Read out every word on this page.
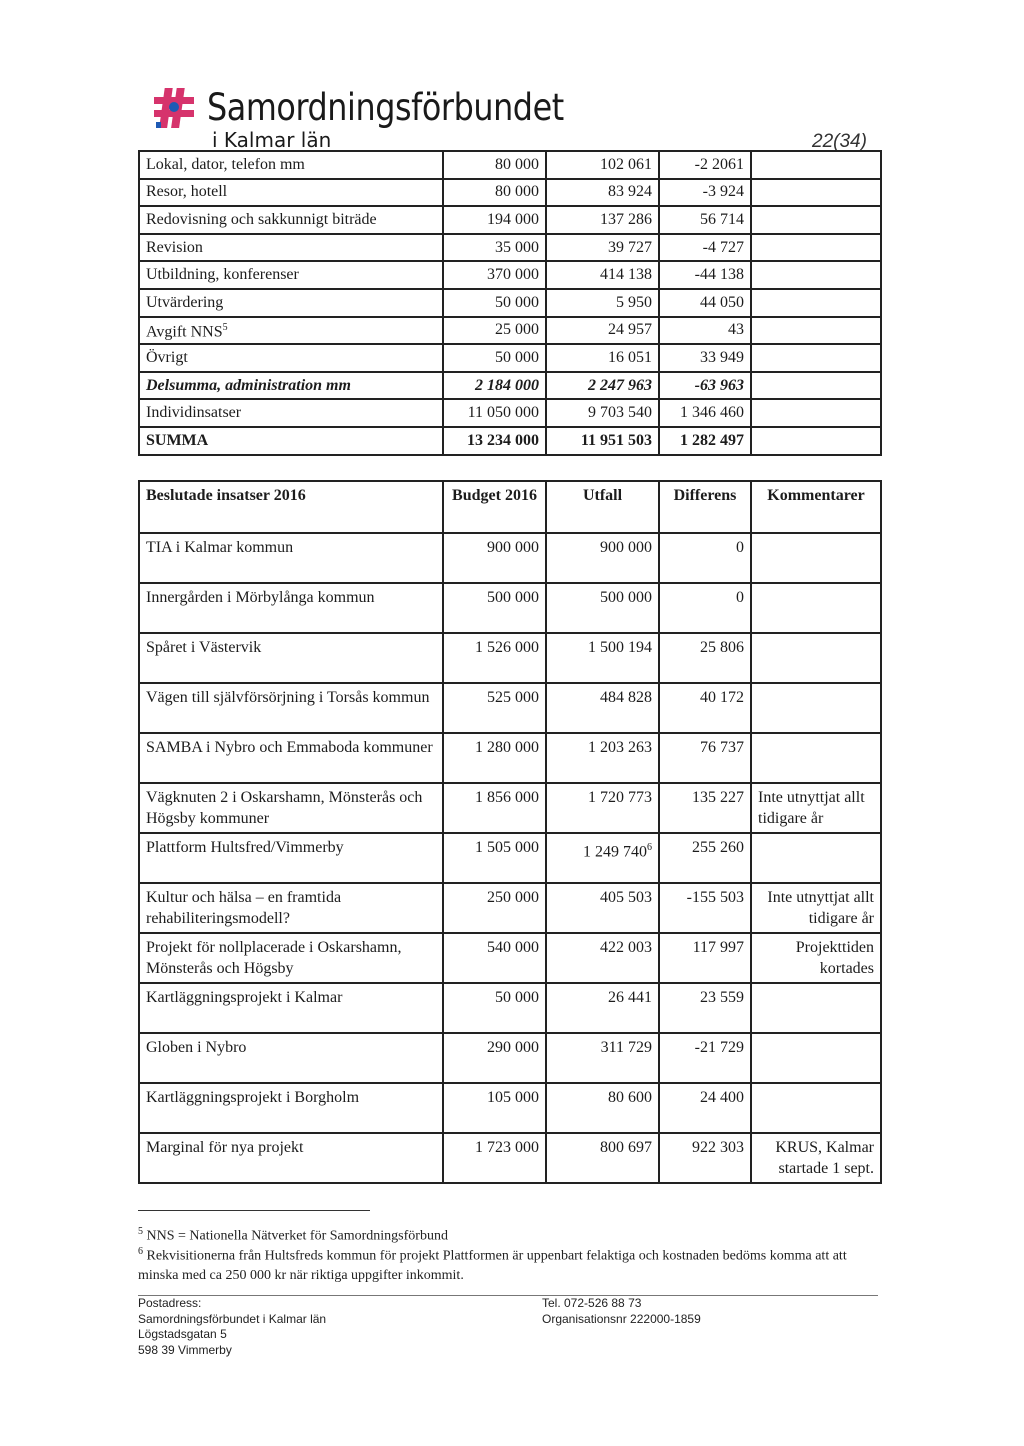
Samordningsförbundet
i Kalmar län	22(34)
Lokal, dator, telefon mm	80 000	102 061	-2 2061	
Resor, hotell	80 000	83 924	-3 924	
Redovisning och sakkunnigt biträde	194 000	137 286	56 714	
Revision	35 000	39 727	-4 727	
Utbildning, konferenser	370 000	414 138	-44 138	
Utvärdering	50 000	5 950	44 050	
Avgift NNS$^5$	25 000	24 957	43	
Övrigt	50 000	16 051	33 949	
Delsumma, administration mm	2 184 000	2 247 963	-63 963	
Individinsatser	11 050 000	9 703 540	1 346 460	
SUMMA	13 234 000	11 951 503	1 282 497	
Beslutade insatser 2016	Budget 2016	Utfall	Differens	Kommentarer
TIA i Kalmar kommun	900 000	900 000	0	
Innergården i Mörbylånga kommun	500 000	500 000	0	
Spåret i Västervik	1 526 000	1 500 194	25 806	
Vägen till självförsörjning i Torsås kommun	525 000	484 828	40 172	
SAMBA i Nybro och Emmaboda kommuner	1 280 000	1 203 263	76 737	
Vägknuten 2 i Oskarshamn, Mönsterås och Högsby kommuner	1 856 000	1 720 773	135 227	Inte utnyttjat allt tidigare år
Plattform Hultsfred/Vimmerby	1 505 000	1 249 $740^6$	255 260	
Kultur och hälsa – en framtida rehabiliteringsmodell?	250 000	405 503	-155 503	Inte utnyttjat allt tidigare år
Projekt för nollplacerade i Oskarshamn, Mönsterås och Högsby	540 000	422 003	117 997	Projekttiden kortades
Kartläggningsprojekt i Kalmar	50 000	26 441	23 559	
Globen i Nybro	290 000	311 729	-21 729	
Kartläggningsprojekt i Borgholm	105 000	80 600	24 400	
Marginal för nya projekt	1 723 000	800 697	922 303	KRUS, Kalmar startade 1 sept.
$^5$ NNS = Nationella Nätverket för Samordningsförbund
$^6$ Rekvisitionerna från Hultsfreds kommun för projekt Plattformen är uppenbart felaktiga och kostnaden bedöms komma att att minska med ca 250 000 kr när riktiga uppgifter inkommit.
Postadress:
Samordningsförbundet i Kalmar län
Lögstadsgatan 5
598 39 Vimmerby
Tel. 072-526 88 73
Organisationsnr 222000-1859
